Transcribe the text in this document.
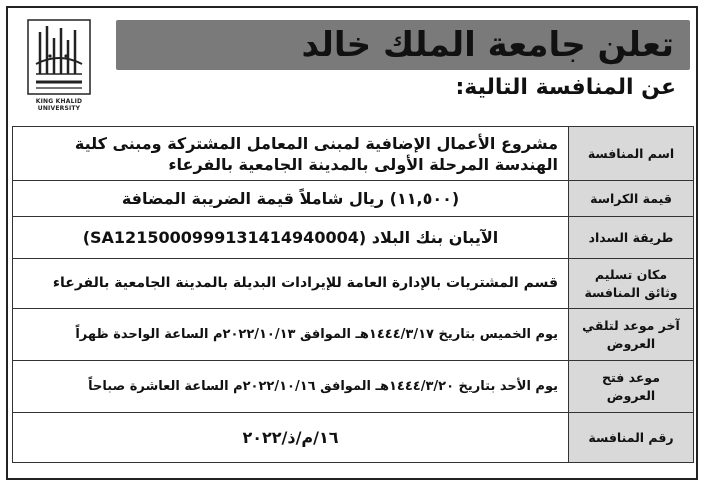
KING KHALID UNIVERSITY
تعلن جامعة الملك خالد
عن المنافسة التالية:
اسم المنافسة	مشروع الأعمال الإضافية لمبنى المعامل المشتركة ومبنى كلية الهندسة المرحلة الأولى بالمدينة الجامعية بالفرعاء
قيمة الكراسة	(١١,٥٠٠) ريال شاملاً قيمة الضريبة المضافة
طريقة السداد	الآيبان بنك البلاد (SA1215000999131414940004)
مكان تسليم وثائق المنافسة	قسم المشتريات بالإدارة العامة للإيرادات البديلة بالمدينة الجامعية بالفرعاء
آخر موعد لتلقي العروض	يوم الخميس بتاريخ ١٤٤٤/٣/١٧هـ الموافق ٢٠٢٢/١٠/١٣م الساعة الواحدة ظهراً
موعد فتح العروض	يوم الأحد بتاريخ ١٤٤٤/٣/٢٠هـ الموافق ٢٠٢٢/١٠/١٦م الساعة العاشرة صباحاً
رقم المنافسة	١٦/م/ذ/٢٠٢٢
